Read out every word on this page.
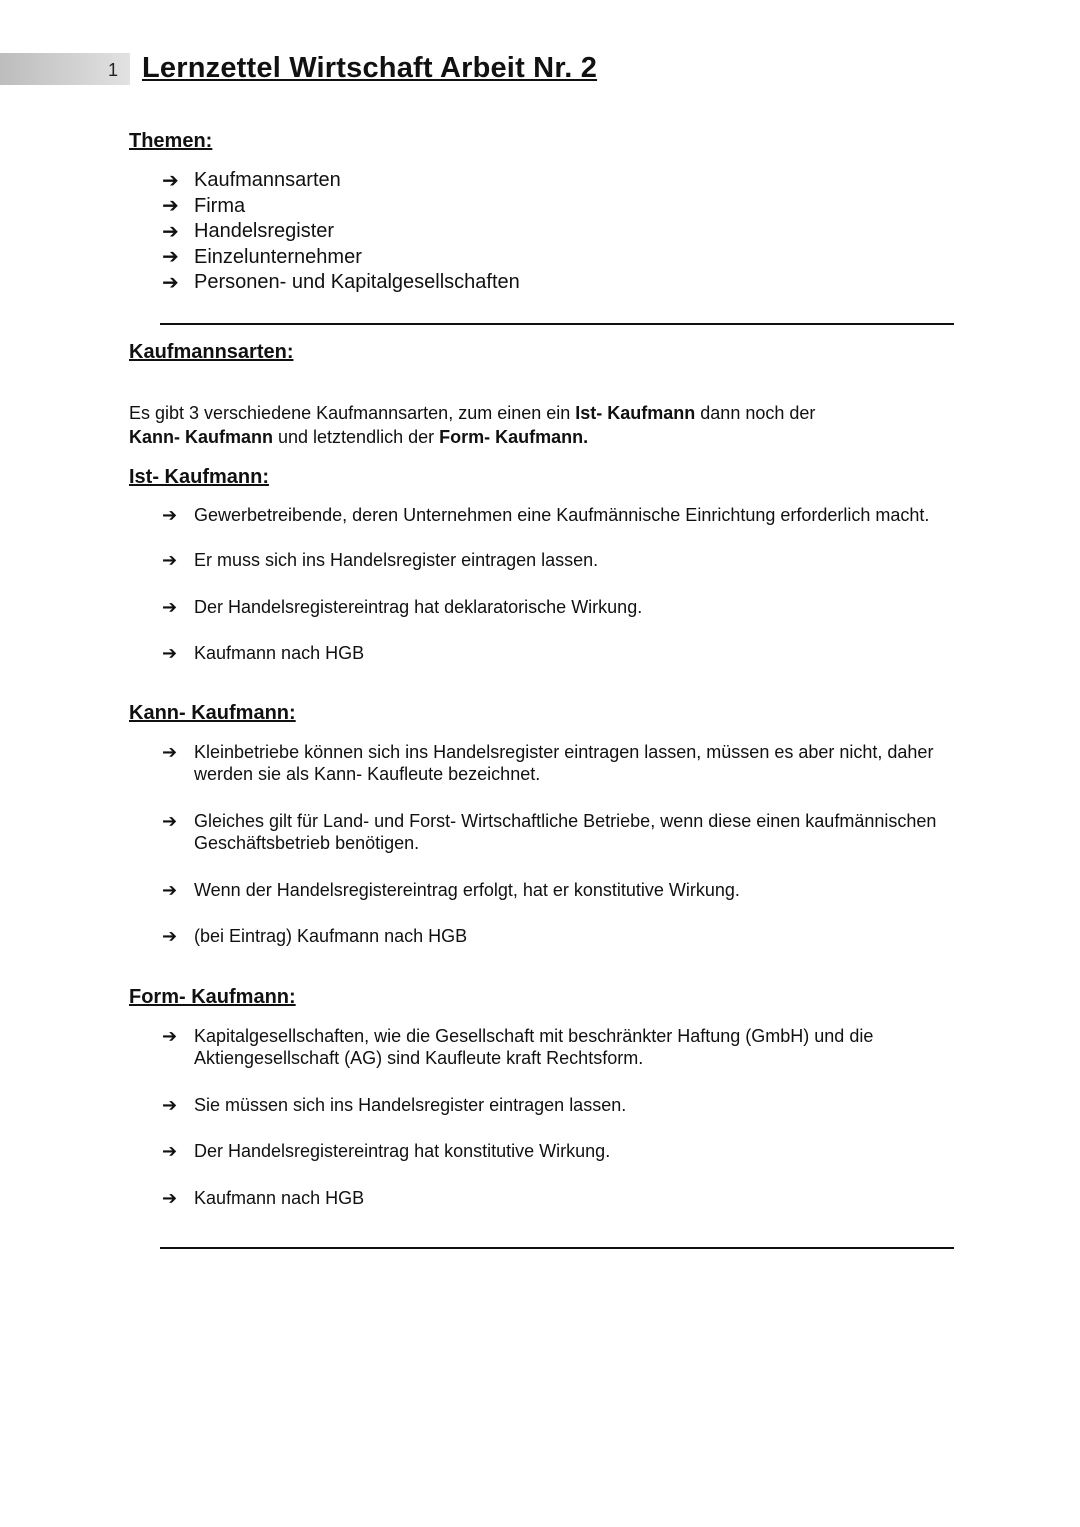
1 Lernzettel Wirtschaft Arbeit Nr. 2
Themen:
➔ Kaufmannsarten
➔ Firma
➔ Handelsregister
➔ Einzelunternehmer
➔ Personen- und Kapitalgesellschaften
Kaufmannsarten:

Es gibt 3 verschiedene Kaufmannsarten, zum einen ein Ist- Kaufmann dann noch der
Kann- Kaufmann und letztendlich der Form- Kaufmann.

Ist- Kaufmann:
➔ Gewerbetreibende, deren Unternehmen eine Kaufmännische Einrichtung erforderlich macht.
➔ Er muss sich ins Handelsregister eintragen lassen.
➔ Der Handelsregistereintrag hat deklaratorische Wirkung.
➔ Kaufmann nach HGB
Kann- Kaufmann:
➔ Kleinbetriebe können sich ins Handelsregister eintragen lassen, müssen es aber nicht, daher werden sie als Kann- Kaufleute bezeichnet.
➔ Gleiches gilt für Land- und Forst- Wirtschaftliche Betriebe, wenn diese einen kaufmännischen Geschäftsbetrieb benötigen.
➔ Wenn der Handelsregistereintrag erfolgt, hat er konstitutive Wirkung.
➔ (bei Eintrag) Kaufmann nach HGB
Form- Kaufmann:
➔ Kapitalgesellschaften, wie die Gesellschaft mit beschränkter Haftung (GmbH) und die Aktiengesellschaft (AG) sind Kaufleute kraft Rechtsform.
➔ Sie müssen sich ins Handelsregister eintragen lassen.
➔ Der Handelsregistereintrag hat konstitutive Wirkung.
➔ Kaufmann nach HGB
